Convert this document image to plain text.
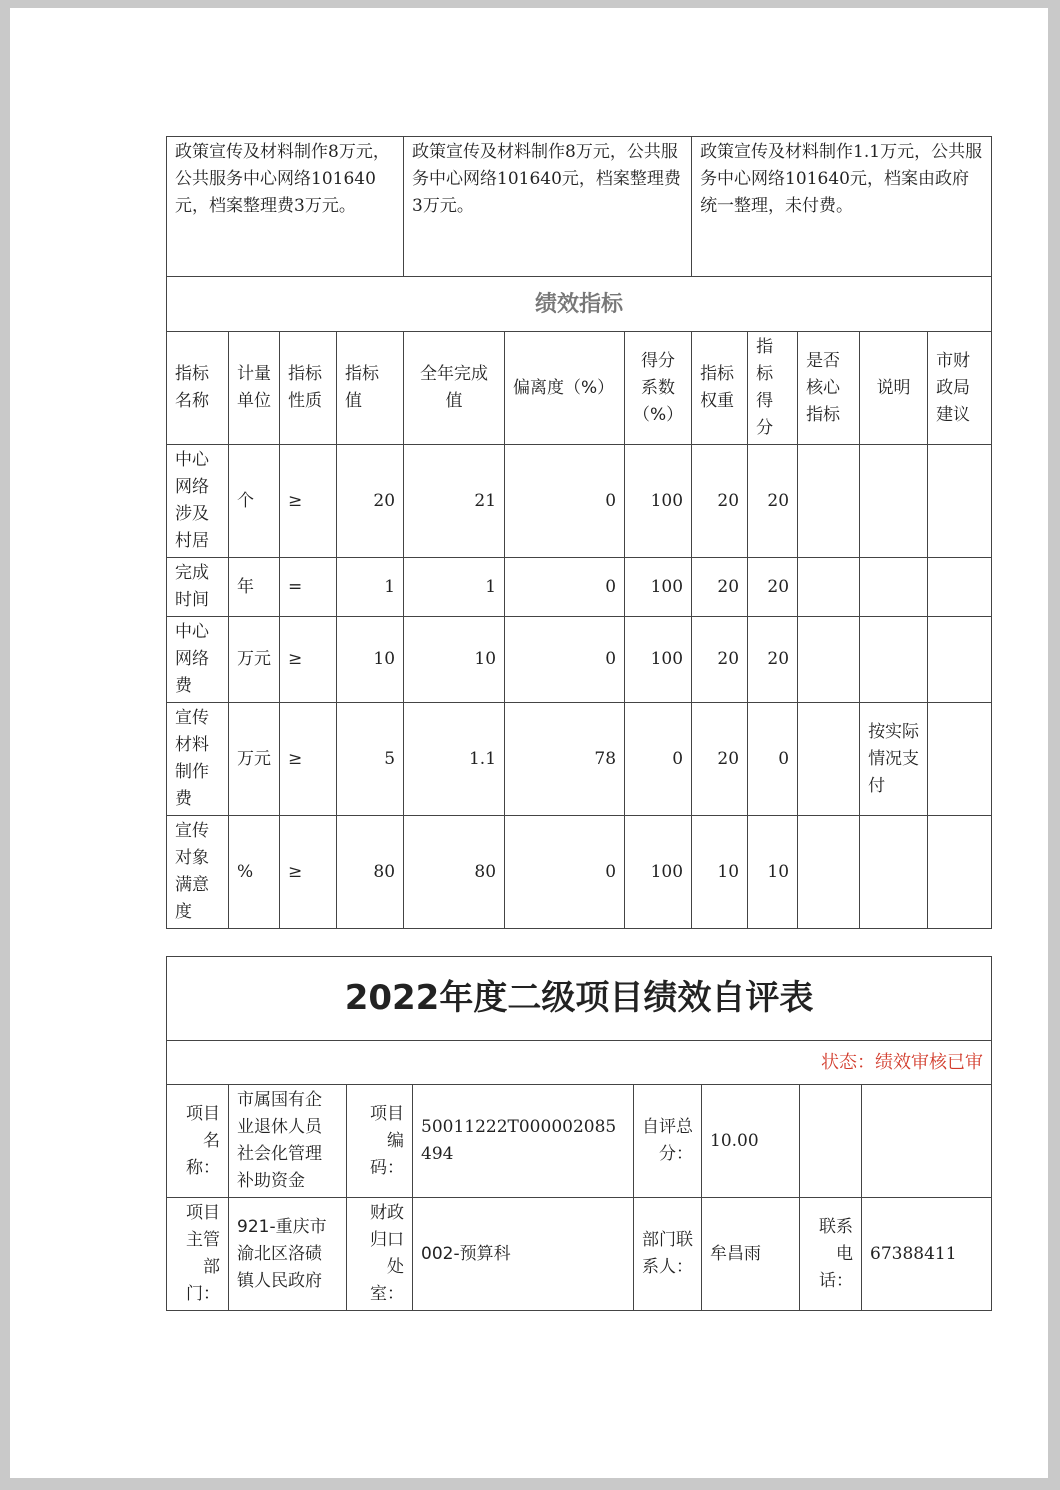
政策宣传及材料制作8万元，公共服务中心网络101640元，档案整理费3万元。				政策宣传及材料制作8万元，公共服务中心网络101640元，档案整理费3万元。			政策宣传及材料制作1.1万元，公共服务中心网络101640元，档案由政府统一整理，未付费。				
绩效指标											
指标名称	计量单位	指标性质	指标值	全年完成值	偏离度（%）	得分系数（%）	指标权重	指标得分	是否核心指标	说明	市财政局建议
中心网络涉及村居	个	≥	20	21	0	100	20	20			
完成时间	年	=	1	1	0	100	20	20			
中心网络费	万元	≥	10	10	0	100	20	20			
宣传材料制作费	万元	≥	5	1.1	78	0	20	0		按实际情况支付	
宣传对象满意度	%	≥	80	80	0	100	10	10			
2022年度二级项目绩效自评表							
状态：绩效审核已审							
项目名称：	市属国有企业退休人员社会化管理补助资金	项目编码：	50011222T000002085494	自评总分：	10.00		
项目主管部门：	921-重庆市渝北区洛碛镇人民政府	财政归口处室：	002-预算科	部门联系人：	牟昌雨	联系电话：	67388411
